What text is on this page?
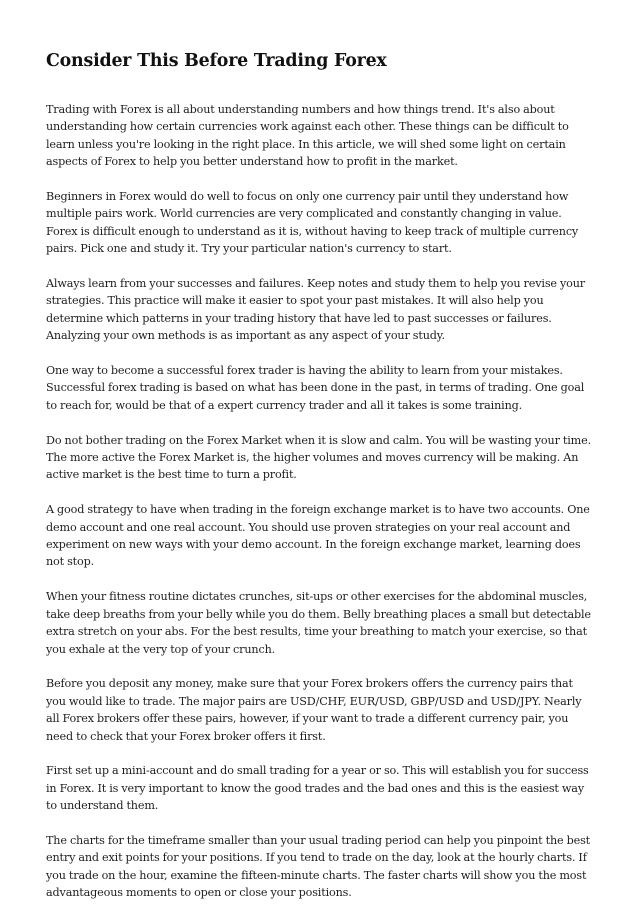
Consider This Before Trading Forex

Trading with Forex is all about understanding numbers and how things trend. It's also about understanding how certain currencies work against each other. These things can be difficult to learn unless you're looking in the right place. In this article, we will shed some light on certain aspects of Forex to help you better understand how to profit in the market.

Beginners in Forex would do well to focus on only one currency pair until they understand how multiple pairs work. World currencies are very complicated and constantly changing in value. Forex is difficult enough to understand as it is, without having to keep track of multiple currency pairs. Pick one and study it. Try your particular nation's currency to start.

Always learn from your successes and failures. Keep notes and study them to help you revise your strategies. This practice will make it easier to spot your past mistakes. It will also help you determine which patterns in your trading history that have led to past successes or failures. Analyzing your own methods is as important as any aspect of your study.

One way to become a successful forex trader is having the ability to learn from your mistakes. Successful forex trading is based on what has been done in the past, in terms of trading. One goal to reach for, would be that of a expert currency trader and all it takes is some training.

Do not bother trading on the Forex Market when it is slow and calm. You will be wasting your time. The more active the Forex Market is, the higher volumes and moves currency will be making. An active market is the best time to turn a profit.

A good strategy to have when trading in the foreign exchange market is to have two accounts. One demo account and one real account. You should use proven strategies on your real account and experiment on new ways with your demo account. In the foreign exchange market, learning does not stop.

When your fitness routine dictates crunches, sit-ups or other exercises for the abdominal muscles, take deep breaths from your belly while you do them. Belly breathing places a small but detectable extra stretch on your abs. For the best results, time your breathing to match your exercise, so that you exhale at the very top of your crunch.

Before you deposit any money, make sure that your Forex brokers offers the currency pairs that you would like to trade. The major pairs are USD/CHF, EUR/USD, GBP/USD and USD/JPY. Nearly all Forex brokers offer these pairs, however, if your want to trade a different currency pair, you need to check that your Forex broker offers it first.

First set up a mini-account and do small trading for a year or so. This will establish you for success in Forex. It is very important to know the good trades and the bad ones and this is the easiest way to understand them.

The charts for the timeframe smaller than your usual trading period can help you pinpoint the best entry and exit points for your positions. If you tend to trade on the day, look at the hourly charts. If you trade on the hour, examine the fifteen-minute charts. The faster charts will show you the most advantageous moments to open or close your positions.
